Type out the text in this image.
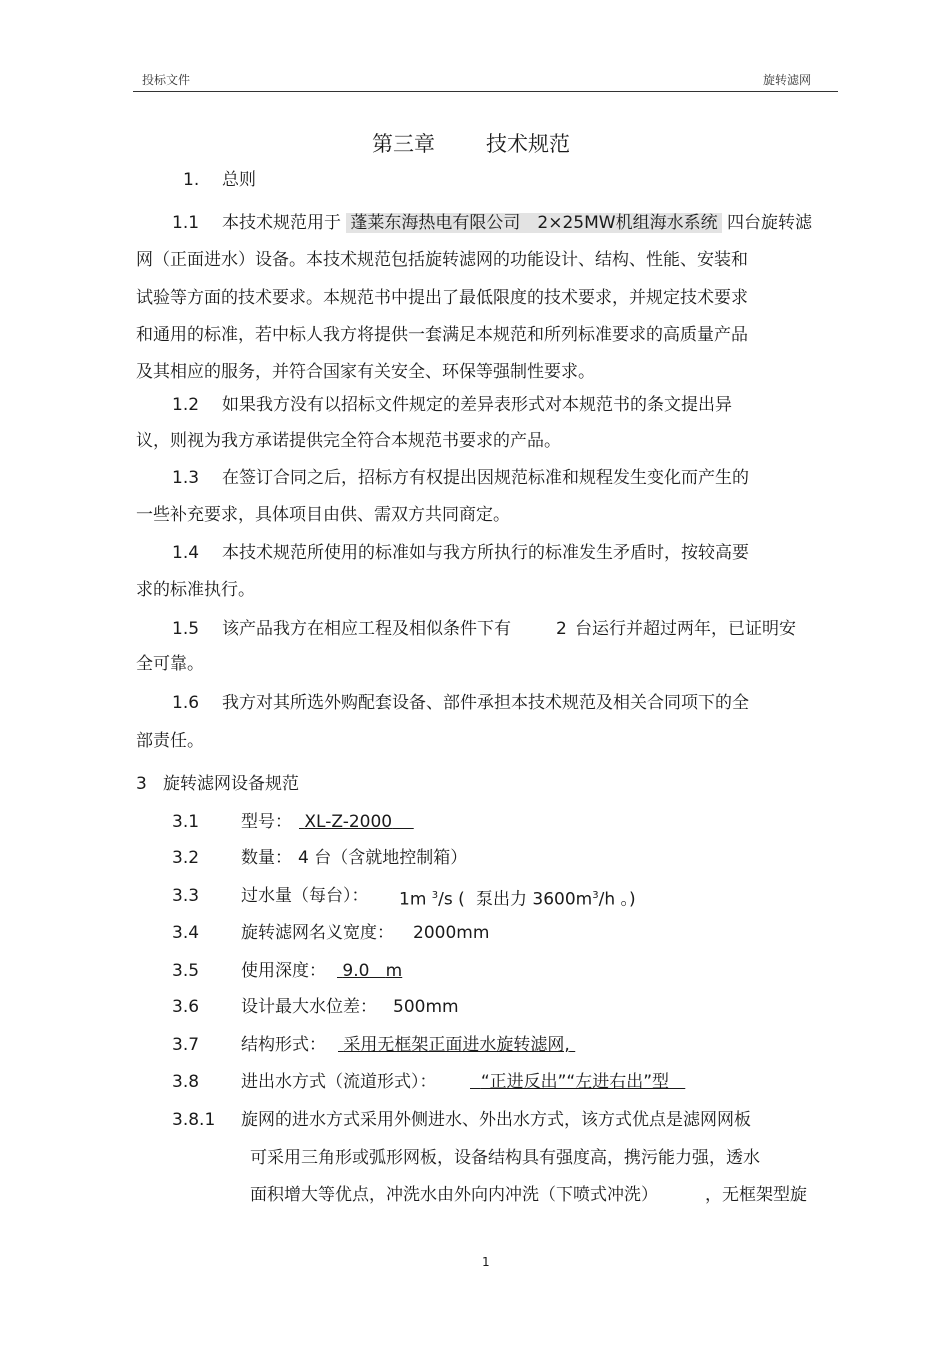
投标文件	旋转滤网
第三章 技术规范
1. 总则
1.1 本技术规范用于 蓬莱东海热电有限公司　2×25MW机组海水系统 四台旋转滤
网（正面进水）设备。本技术规范包括旋转滤网的功能设计、结构、性能、安装和
试验等方面的技术要求。本规范书中提出了最低限度的技术要求，并规定技术要求
和通用的标准，若中标人我方将提供一套满足本规范和所列标准要求的高质量产品
及其相应的服务，并符合国家有关安全、环保等强制性要求。
1.2 如果我方没有以招标文件规定的差异表形式对本规范书的条文提出异
议，则视为我方承诺提供完全符合本规范书要求的产品。
1.3 在签订合同之后，招标方有权提出因规范标准和规程发生变化而产生的
一些补充要求，具体项目由供、需双方共同商定。
1.4 本技术规范所使用的标准如与我方所执行的标准发生矛盾时，按较高要
求的标准执行。
1.5 该产品我方在相应工程及相似条件下有	2 台运行并超过两年，已证明安
全可靠。
1.6 我方对其所选外购配套设备、部件承担本技术规范及相关合同项下的全
部责任。
3 旋转滤网设备规范
3.1 型号： XL-Z-2000
3.2 数量： 4 台（含就地控制箱）
3.3 过水量（每台）： 1m $^3$/s ( 泵出力 $3600m^3/h$ 。)
3.4 旋转滤网名义宽度： 2000mm
3.5 使用深度： 9.0 m
3.6 设计最大水位差： 500mm
3.7 结构形式：	采用无框架正面进水旋转滤网,
3.8 进出水方式（流道形式）：	“正进反出”“左进右出”型
3.8.1 旋网的进水方式采用外侧进水、外出水方式，该方式优点是滤网网板
可采用三角形或弧形网板，设备结构具有强度高，携污能力强，透水
面积增大等优点，冲洗水由外向内冲洗（下喷式冲洗）	，无框架型旋
1
